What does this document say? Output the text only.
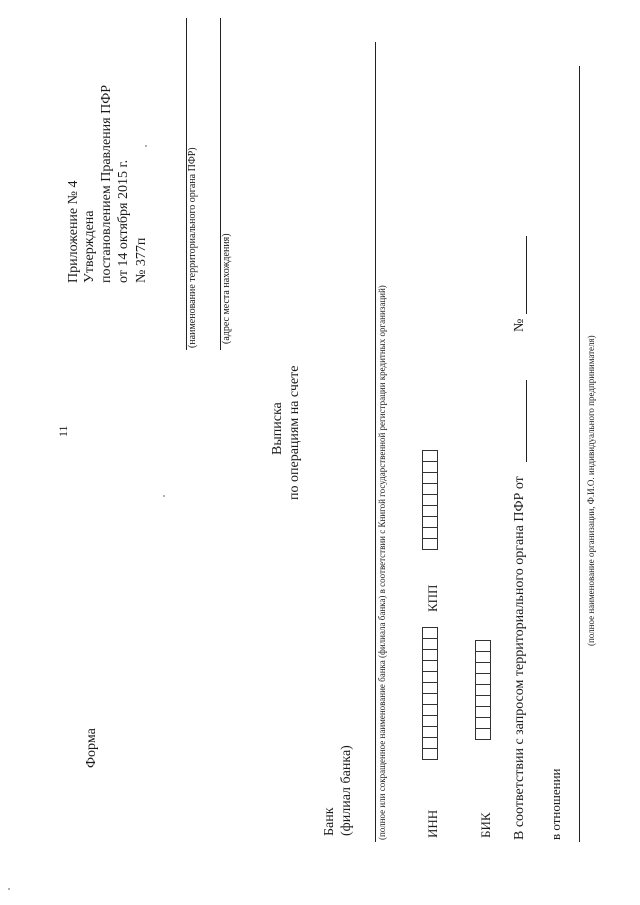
11
Форма
Приложение № 4 Утверждена постановлением Правления ПФР от 14 октября 2015 г. № 377п	(наименование территориального органа ПФР) (адрес места нахождения)
Выписка по операциям на счете
Банк (филиал банка)	(полное или сокращенное наименование банка (филиала банка) в соответствии с Книгой государственной регистрации кредитных организаций)	ИНН
КПП
БИК В соответствии с запросом территориального органа ПФР от
№
в отношении
(полное наименование организации, Ф.И.О. индивидуального предпринимателя)
